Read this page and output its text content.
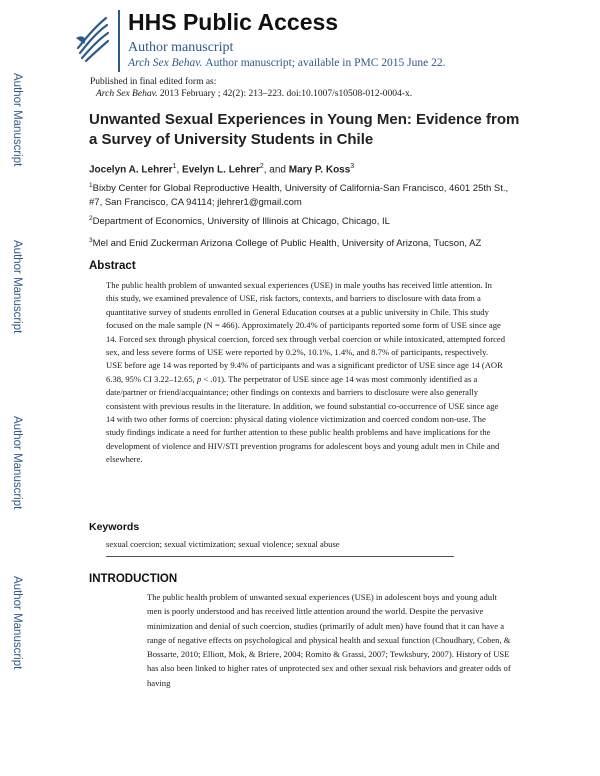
Author Manuscript
Author Manuscript
Author Manuscript
Author Manuscript
HHS Public Access
Author manuscript
Arch Sex Behav. Author manuscript; available in PMC 2015 June 22.
Published in final edited form as:
Arch Sex Behav. 2013 February ; 42(2): 213–223. doi:10.1007/s10508-012-0004-x.
Unwanted Sexual Experiences in Young Men: Evidence from a Survey of University Students in Chile
Jocelyn A. Lehrer$^1$, Evelyn L. Lehrer$^2$, and Mary P. Koss$^3$
$^1$Bixby Center for Global Reproductive Health, University of California-San Francisco, 4601 25th St., #7, San Francisco, CA 94114; jlehrer1@gmail.com
$^2$Department of Economics, University of Illinois at Chicago, Chicago, IL
$^3$Mel and Enid Zuckerman Arizona College of Public Health, University of Arizona, Tucson, AZ
Abstract
The public health problem of unwanted sexual experiences (USE) in male youths has received little attention. In this study, we examined prevalence of USE, risk factors, contexts, and barriers to disclosure with data from a quantitative survey of students enrolled in General Education courses at a public university in Chile. This study focused on the male sample (N = 466). Approximately 20.4% of participants reported some form of USE since age 14. Forced sex through physical coercion, forced sex through verbal coercion or while intoxicated, attempted forced sex, and less severe forms of USE were reported by 0.2%, 10.1%, 1.4%, and 8.7% of participants, respectively. USE before age 14 was reported by 9.4% of participants and was a significant predictor of USE since age 14 (AOR 6.38, 95% CI 3.22–12.65, p < .01). The perpetrator of USE since age 14 was most commonly identified as a date/partner or friend/acquaintance; other findings on contexts and barriers to disclosure were also generally consistent with previous results in the literature. In addition, we found substantial co-occurrence of USE since age 14 with two other forms of coercion: physical dating violence victimization and coerced condom non-use. The study findings indicate a need for further attention to these public health problems and have implications for the development of violence and HIV/STI prevention programs for adolescent boys and young adult men in Chile and elsewhere.
Keywords
sexual coercion; sexual victimization; sexual violence; sexual abuse
INTRODUCTION
The public health problem of unwanted sexual experiences (USE) in adolescent boys and young adult men is poorly understood and has received little attention around the world. Despite the pervasive minimization and denial of such coercion, studies (primarily of adult men) have found that it can have a range of negative effects on psychological and physical health and sexual function (Choudhary, Coben, & Bossarte, 2010; Elliott, Mok, & Briere, 2004; Romito & Grassi, 2007; Tewksbury, 2007). History of USE has also been linked to higher rates of unprotected sex and other sexual risk behaviors and greater odds of having
